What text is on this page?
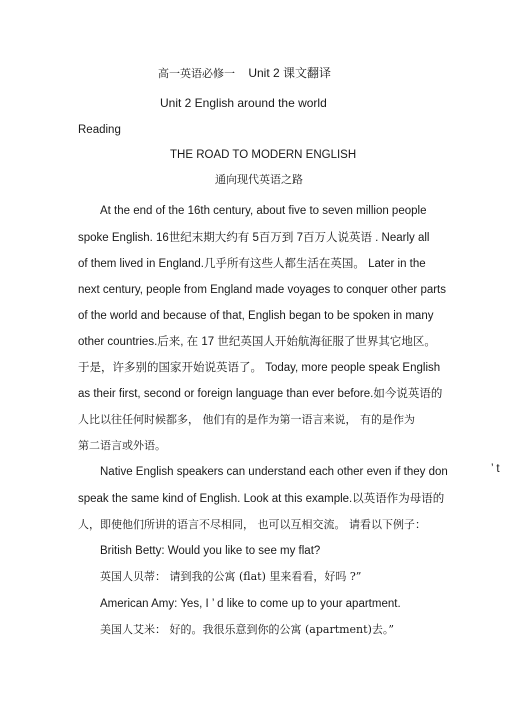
高一英语必修一 Unit 2 课文翻译
Unit 2 English around the world
Reading
THE ROAD TO MODERN ENGLISH
通向现代英语之路
At the end of the 16th century, about five to seven million people
spoke English. 16世纪末期大约有 5百万到 7百万人说英语 . Nearly all
of them lived in England.几乎所有这些人都生活在英国。 Later in the
next century, people from England made voyages to conquer other parts
of the world and because of that, English began to be spoken in many
other countries.后来, 在 17 世纪英国人开始航海征服了世界其它地区。
于是，许多别的国家开始说英语了。 Today, more people speak English
as their first, second or foreign language than ever before.如今说英语的
人比以往任何时候都多， 他们有的是作为第一语言来说， 有的是作为
第二语言或外语。
Native English speakers can understand each other even if they don	’ t
speak the same kind of English. Look at this example.以英语作为母语的
人，即使他们所讲的语言不尽相同， 也可以互相交流。 请看以下例子：
British Betty: Would you like to see my flat?
英国人贝蒂： 请到我的公寓 (flat) 里来看看，好吗 ?”
American Amy: Yes, I ’ d like to come up to your apartment.
美国人艾米： 好的。我很乐意到你的公寓 (apartment)去。”
